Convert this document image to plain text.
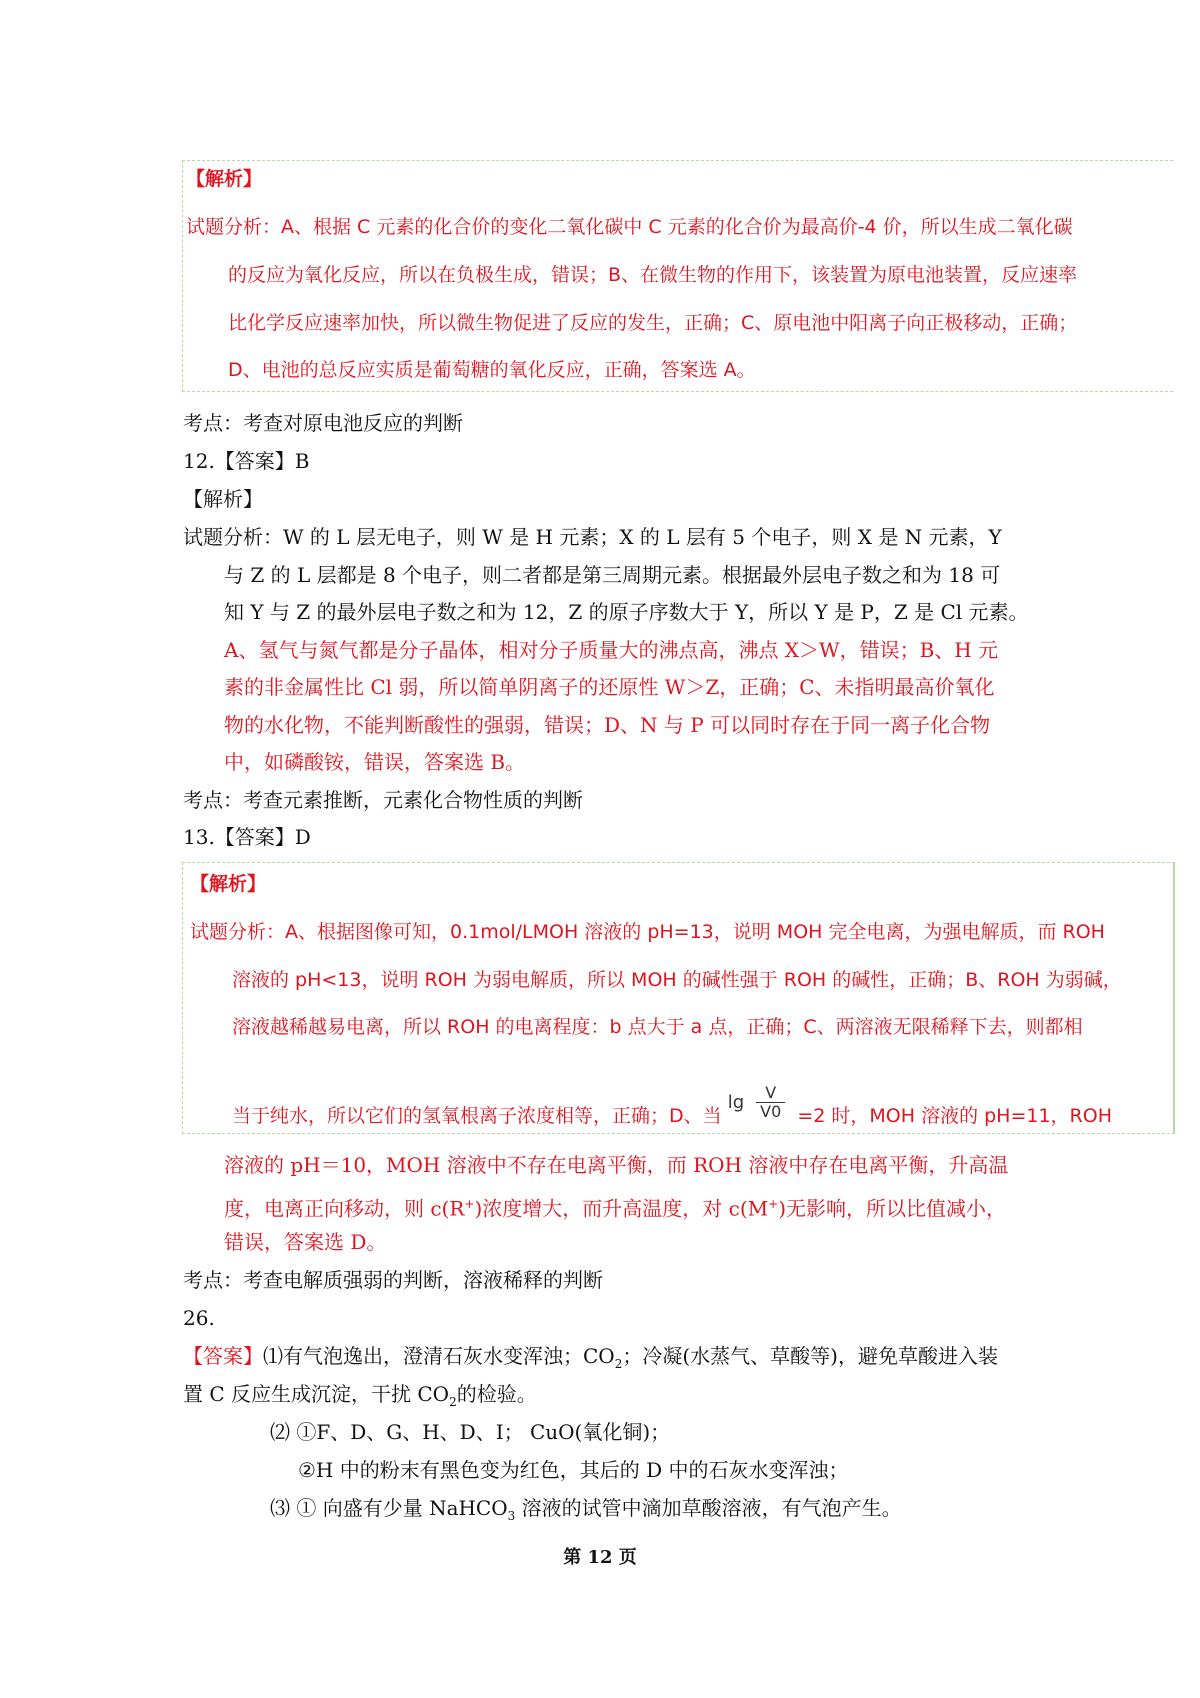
【解析】
试题分析：A、根据 C 元素的化合价的变化二氧化碳中 C 元素的化合价为最高价-4 价，所以生成二氧化碳
的反应为氧化反应，所以在负极生成，错误；B、在微生物的作用下，该装置为原电池装置，反应速率
比化学反应速率加快，所以微生物促进了反应的发生，正确；C、原电池中阳离子向正极移动，正确；
D、电池的总反应实质是葡萄糖的氧化反应，正确，答案选 A。
考点：考查对原电池反应的判断
12.【答案】B
【解析】
试题分析：W 的 L 层无电子，则 W 是 H 元素；X 的 L 层有 5 个电子，则 X 是 N 元素，Y
与 Z 的 L 层都是 8 个电子，则二者都是第三周期元素。根据最外层电子数之和为 18 可
知 Y 与 Z 的最外层电子数之和为 12，Z 的原子序数大于 Y，所以 Y 是 P，Z 是 Cl 元素。
A、氢气与氮气都是分子晶体，相对分子质量大的沸点高，沸点 X＞W，错误；B、H 元
素的非金属性比 Cl 弱，所以简单阴离子的还原性 W＞Z，正确；C、未指明最高价氧化
物的水化物，不能判断酸性的强弱，错误；D、N 与 P 可以同时存在于同一离子化合物
中，如磷酸铵，错误，答案选 B。
考点：考查元素推断，元素化合物性质的判断
13.【答案】D
【解析】
试题分析：A、根据图像可知，0.1mol/LMOH 溶液的 pH=13，说明 MOH 完全电离，为强电解质，而 ROH
溶液的 pH<13，说明 ROH 为弱电解质，所以 MOH 的碱性强于 ROH 的碱性，正确；B、ROH 为弱碱，
溶液越稀越易电离，所以 ROH 的电离程度：b 点大于 a 点，正确；C、两溶液无限稀释下去，则都相
当于纯水，所以它们的氢氧根离子浓度相等，正确；D、当 $\lg \frac{V}{V0} =2$ 时，MOH 溶液的 pH=11，ROH
溶液的 pH＝10，MOH 溶液中不存在电离平衡，而 ROH 溶液中存在电离平衡，升高温
度，电离正向移动，则 c(R+)浓度增大，而升高温度，对 c(M+)无影响，所以比值减小，
错误，答案选 D。
考点：考查电解质强弱的判断，溶液稀释的判断
26.
【答案】⑴有气泡逸出，澄清石灰水变浑浊；$CO_2$；冷凝(水蒸气、草酸等)，避免草酸进入装
置 C 反应生成沉淀，干扰 $CO_2$的检验。
⑵ ①F、D、G、H、D、I； CuO(氧化铜)；
②H 中的粉末有黑色变为红色，其后的 D 中的石灰水变浑浊；
⑶ ① 向盛有少量 NaHCO$_3$ 溶液的试管中滴加草酸溶液，有气泡产生。
第 12 页
